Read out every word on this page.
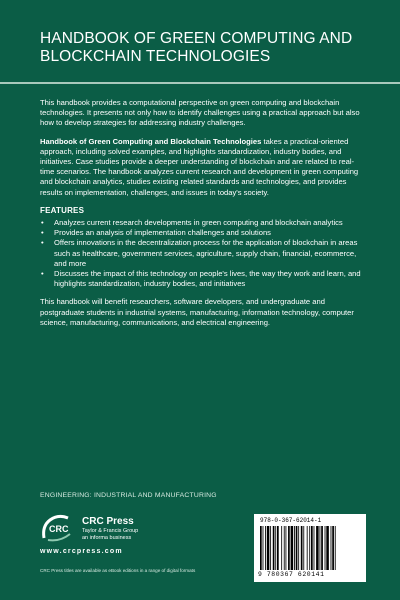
HANDBOOK OF GREEN COMPUTING AND BLOCKCHAIN TECHNOLOGIES

This handbook provides a computational perspective on green computing and blockchain technologies. It presents not only how to identify challenges using a practical approach but also how to develop strategies for addressing industry challenges.

Handbook of Green Computing and Blockchain Technologies takes a practical-oriented approach, including solved examples, and highlights standardization, industry bodies, and initiatives. Case studies provide a deeper understanding of blockchain and are related to real-time scenarios. The handbook analyzes current research and development in green computing and blockchain analytics, studies existing related standards and technologies, and provides results on implementation, challenges, and issues in today's society.

FEATURES
• Analyzes current research developments in green computing and blockchain analytics
• Provides an analysis of implementation challenges and solutions
• Offers innovations in the decentralization process for the application of blockchain in areas such as healthcare, government services, agriculture, supply chain, financial, ecommerce, and more
• Discusses the impact of this technology on people's lives, the way they work and learn, and highlights standardization, industry bodies, and initiatives

This handbook will benefit researchers, software developers, and undergraduate and postgraduate students in industrial systems, manufacturing, information technology, computer science, manufacturing, communications, and electrical engineering.

ENGINEERING: INDUSTRIAL AND MANUFACTURING
CRC
CRC Press
Taylor & Francis Group
an informa business
www.crcpress.com
CRC Press titles are available as eBook editions in a range of digital formats
978-0-367-62014-1
9 780367 620141
